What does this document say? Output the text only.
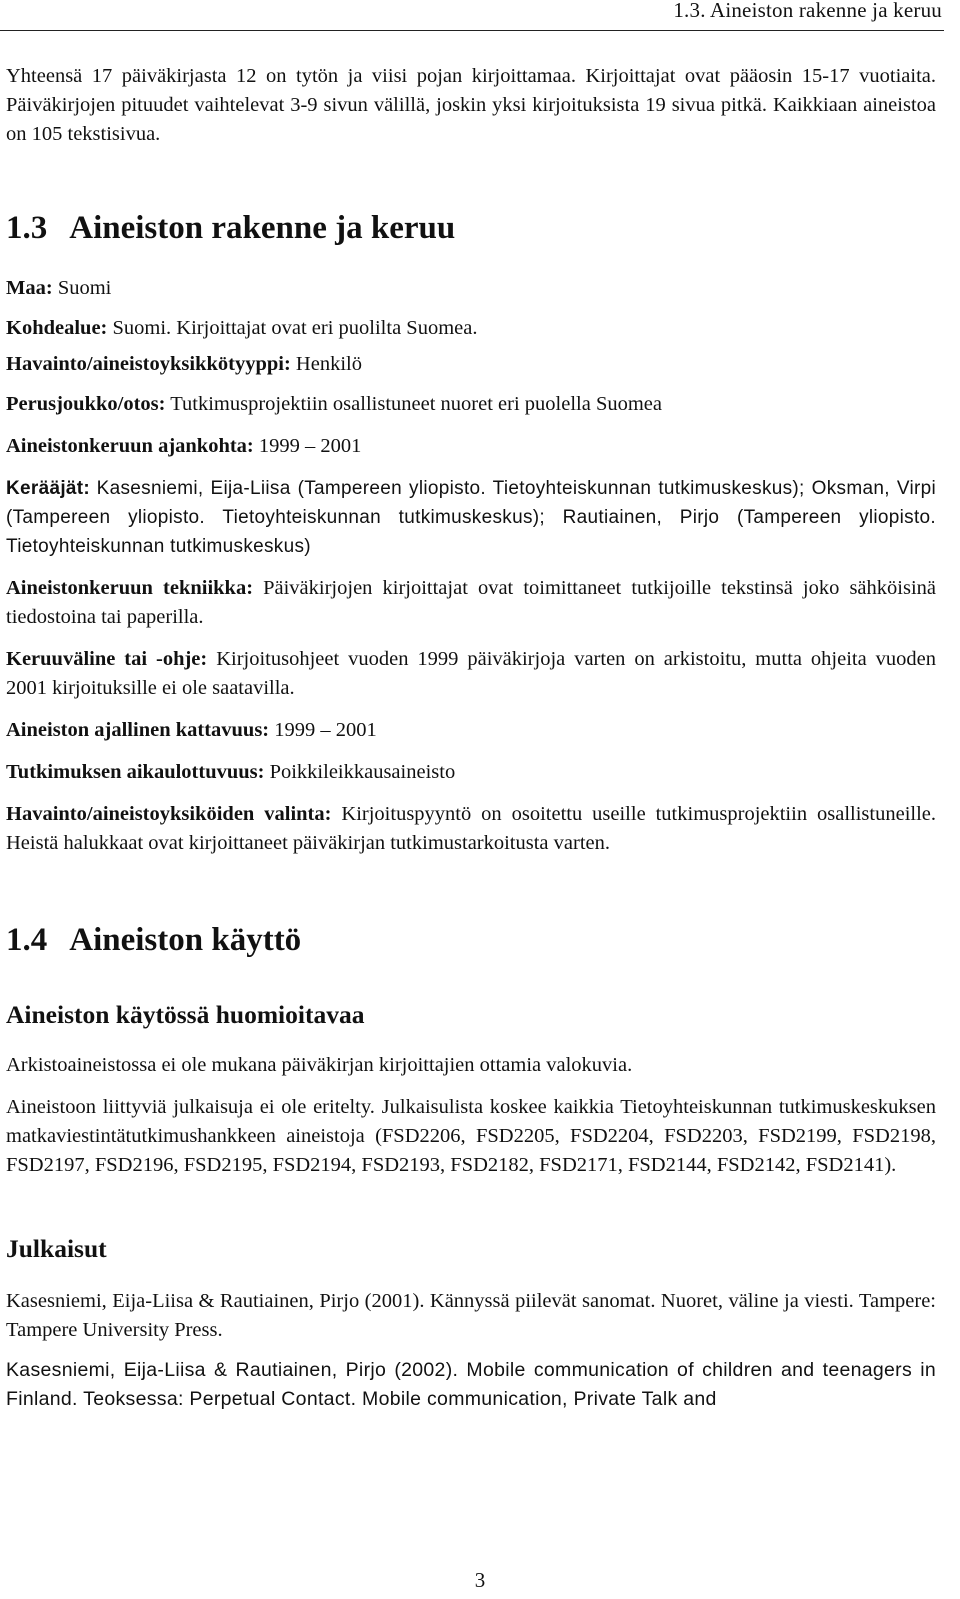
1.3. Aineiston rakenne ja keruu

Yhteensä 17 päiväkirjasta 12 on tytön ja viisi pojan kirjoittamaa. Kirjoittajat ovat pääosin 15-17 vuotiaita. Päiväkirjojen pituudet vaihtelevat 3-9 sivun välillä, joskin yksi kirjoituksista 19 sivua pitkä. Kaikkiaan aineistoa on 105 tekstisivua.

1.3 Aineiston rakenne ja keruu

Maa: Suomi

Kohdealue: Suomi. Kirjoittajat ovat eri puolilta Suomea.

Havainto/aineistoyksikkötyyppi: Henkilö

Perusjoukko/otos: Tutkimusprojektiin osallistuneet nuoret eri puolella Suomea

Aineistonkeruun ajankohta: 1999 – 2001

Kerääjät: Kasesniemi, Eija-Liisa (Tampereen yliopisto. Tietoyhteiskunnan tutkimuskeskus); Oksman, Virpi (Tampereen yliopisto. Tietoyhteiskunnan tutkimuskeskus); Rautiainen, Pirjo (Tampereen yliopisto. Tietoyhteiskunnan tutkimuskeskus)

Aineistonkeruun tekniikka: Päiväkirjojen kirjoittajat ovat toimittaneet tutkijoille tekstinsä joko sähköisinä tiedostoina tai paperilla.

Keruuväline tai -ohje: Kirjoitusohjeet vuoden 1999 päiväkirjoja varten on arkistoitu, mutta ohjeita vuoden 2001 kirjoituksille ei ole saatavilla.

Aineiston ajallinen kattavuus: 1999 – 2001

Tutkimuksen aikaulottuvuus: Poikkileikkausaineisto

Havainto/aineistoyksiköiden valinta: Kirjoituspyyntö on osoitettu useille tutkimusprojektiin osallistuneille. Heistä halukkaat ovat kirjoittaneet päiväkirjan tutkimustarkoitusta varten.

1.4 Aineiston käyttö
Aineiston käytössä huomioitavaa

Arkistoaineistossa ei ole mukana päiväkirjan kirjoittajien ottamia valokuvia.

Aineistoon liittyviä julkaisuja ei ole eritelty. Julkaisulista koskee kaikkia Tietoyhteiskunnan tutkimuskeskuksen matkaviestintätutkimushankkeen aineistoja (FSD2206, FSD2205, FSD2204, FSD2203, FSD2199, FSD2198, FSD2197, FSD2196, FSD2195, FSD2194, FSD2193, FSD2182, FSD2171, FSD2144, FSD2142, FSD2141).

Julkaisut

Kasesniemi, Eija-Liisa & Rautiainen, Pirjo (2001). Kännyssä piilevät sanomat. Nuoret, väline ja viesti. Tampere: Tampere University Press.

Kasesniemi, Eija-Liisa & Rautiainen, Pirjo (2002). Mobile communication of children and teenagers in Finland. Teoksessa: Perpetual Contact. Mobile communication, Private Talk and

3
